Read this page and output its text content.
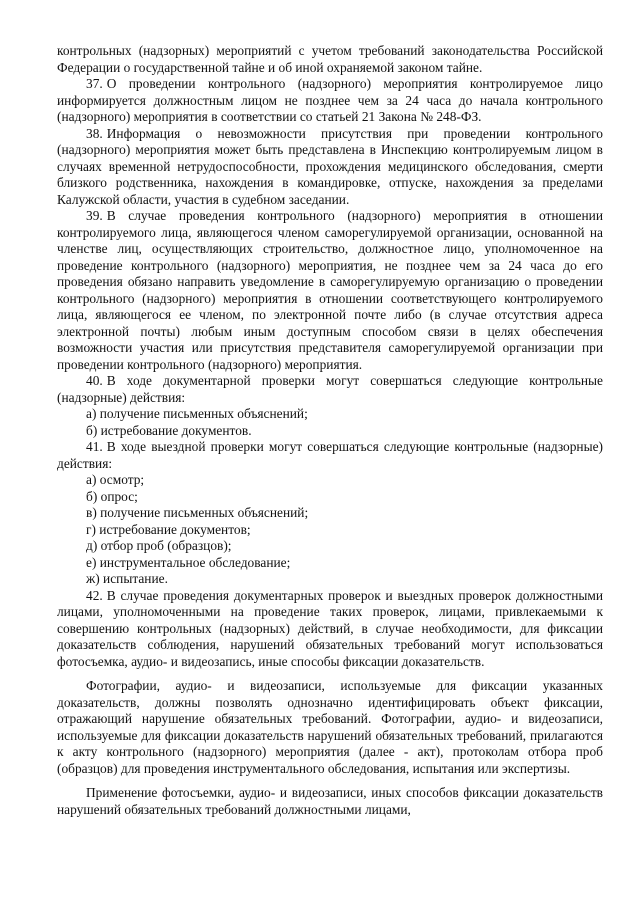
контрольных (надзорных) мероприятий с учетом требований законодательства Российской Федерации о государственной тайне и об иной охраняемой законом тайне.

37. О проведении контрольного (надзорного) мероприятия контролируемое лицо информируется должностным лицом не позднее чем за 24 часа до начала контрольного (надзорного) мероприятия в соответствии со статьей 21 Закона № 248-ФЗ.

38. Информация о невозможности присутствия при проведении контрольного (надзорного) мероприятия может быть представлена в Инспекцию контролируемым лицом в случаях временной нетрудоспособности, прохождения медицинского обследования, смерти близкого родственника, нахождения в командировке, отпуске, нахождения за пределами Калужской области, участия в судебном заседании.

39. В случае проведения контрольного (надзорного) мероприятия в отношении контролируемого лица, являющегося членом саморегулируемой организации, основанной на членстве лиц, осуществляющих строительство, должностное лицо, уполномоченное на проведение контрольного (надзорного) мероприятия, не позднее чем за 24 часа до его проведения обязано направить уведомление в саморегулируемую организацию о проведении контрольного (надзорного) мероприятия в отношении соответствующего контролируемого лица, являющегося ее членом, по электронной почте либо (в случае отсутствия адреса электронной почты) любым иным доступным способом связи в целях обеспечения возможности участия или присутствия представителя саморегулируемой организации при проведении контрольного (надзорного) мероприятия.

40. В ходе документарной проверки могут совершаться следующие контрольные (надзорные) действия:

а) получение письменных объяснений;

б) истребование документов.

41. В ходе выездной проверки могут совершаться следующие контрольные (надзорные) действия:

а) осмотр;

б) опрос;

в) получение письменных объяснений;

г) истребование документов;

д) отбор проб (образцов);

е) инструментальное обследование;

ж) испытание.

42. В случае проведения документарных проверок и выездных проверок должностными лицами, уполномоченными на проведение таких проверок, лицами, привлекаемыми к совершению контрольных (надзорных) действий, в случае необходимости, для фиксации доказательств соблюдения, нарушений обязательных требований могут использоваться фотосъемка, аудио- и видеозапись, иные способы фиксации доказательств.

Фотографии, аудио- и видеозаписи, используемые для фиксации указанных доказательств, должны позволять однозначно идентифицировать объект фиксации, отражающий нарушение обязательных требований. Фотографии, аудио- и видеозаписи, используемые для фиксации доказательств нарушений обязательных требований, прилагаются к акту контрольного (надзорного) мероприятия (далее - акт), протоколам отбора проб (образцов) для проведения инструментального обследования, испытания или экспертизы.

Применение фотосъемки, аудио- и видеозаписи, иных способов фиксации доказательств нарушений обязательных требований должностными лицами,
